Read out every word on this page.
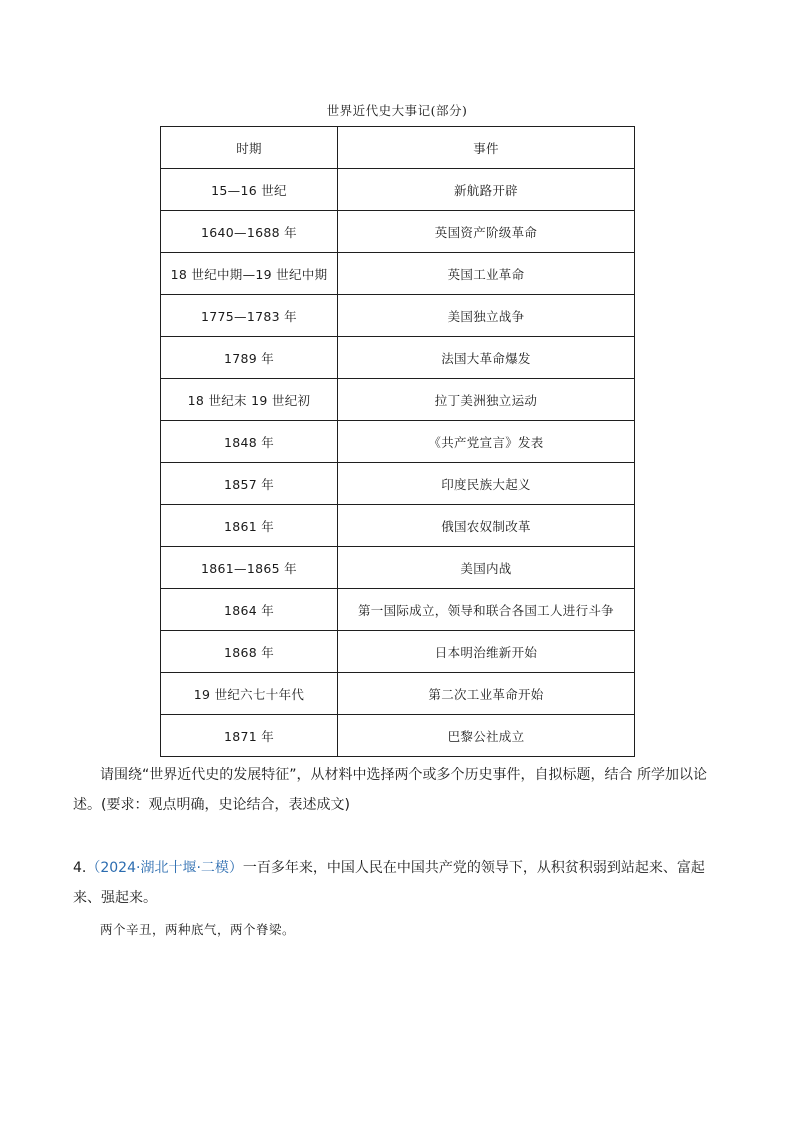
世界近代史大事记(部分)
时期	事件
15—16 世纪	新航路开辟
1640—1688 年	英国资产阶级革命
18 世纪中期—19 世纪中期	英国工业革命
1775—1783 年	美国独立战争
1789 年	法国大革命爆发
18 世纪末 19 世纪初	拉丁美洲独立运动
1848 年	《共产党宣言》发表
1857 年	印度民族大起义
1861 年	俄国农奴制改革
1861—1865 年	美国内战
1864 年	第一国际成立，领导和联合各国工人进行斗争
1868 年	日本明治维新开始
19 世纪六七十年代	第二次工业革命开始
1871 年	巴黎公社成立
请围绕“世界近代史的发展特征”，从材料中选择两个或多个历史事件，自拟标题，结合 所学加以论述。(要求：观点明确，史论结合，表述成文)
4.（2024·湖北十堰·二模）一百多年来，中国人民在中国共产党的领导下，从积贫积弱到站起来、富起来、强起来。
两个辛丑，两种底气，两个脊梁。
